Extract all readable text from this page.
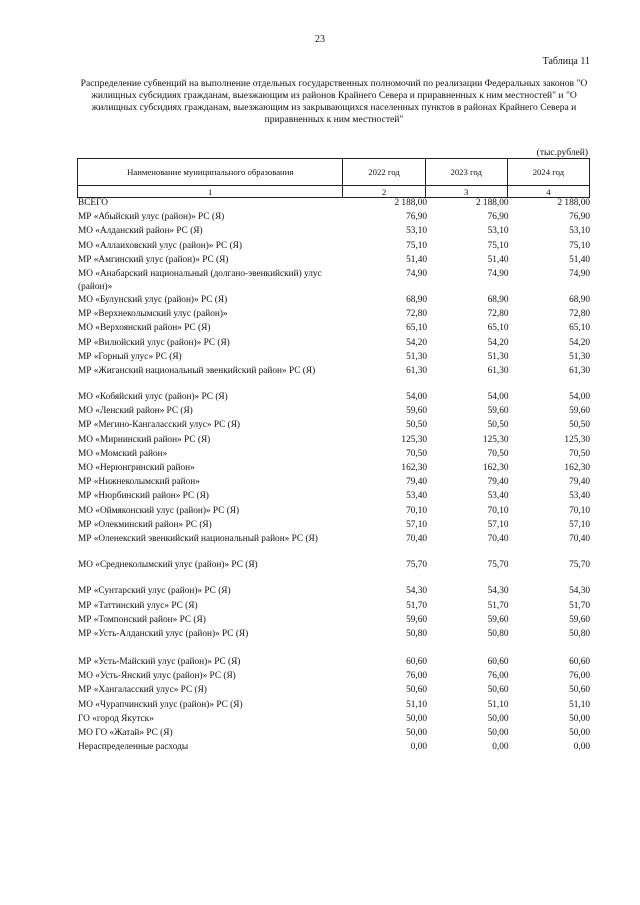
23
Таблица 11
Распределение субвенций на выполнение отдельных государственных полномочий по реализации Федеральных законов "О жилищных субсидиях гражданам, выезжающим из районов Крайнего Севера и приравненных к ним местностей" и "О жилищных субсидиях гражданам, выезжающим из закрывающихся населенных пунктов в районах Крайнего Севера и приравненных к ним местностей"
(тыс.рублей)
Наименование муниципального образования	2022 год	2023 год	2024 год
1	2	3	4
ВСЕГО	2 188,00	2 188,00	2 188,00
МР «Абыйский улус (район)» РС (Я)	76,90	76,90	76,90
МО «Алданский район» РС (Я)	53,10	53,10	53,10
МО «Аллаиховский улус (район)» РС (Я)	75,10	75,10	75,10
МР «Амгинский улус (район)» РС (Я)	51,40	51,40	51,40
МО «Анабарский национальный (долгано-эвенкийский) улус (район)»
74,90	74,90	74,90
МО «Булунский улус (район)» РС (Я)	68,90	68,90	68,90
МР «Верхнеколымский улус (район)»	72,80	72,80	72,80
МО «Верхоянский район» РС (Я)	65,10	65,10	65,10
МР «Вилюйский улус (район)» РС (Я)	54,20	54,20	54,20
МР «Горный улус» РС (Я)	51,30	51,30	51,30
МР «Жиганский национальный эвенкийский район» РС (Я)	61,30	61,30	61,30
МО «Кобяйский улус (район)» РС (Я)	54,00	54,00	54,00
МО «Ленский район» РС (Я)	59,60	59,60	59,60
МР «Мегино-Кангаласский улус» РС (Я)	50,50	50,50	50,50
МО «Мирнинский район» РС (Я)	125,30	125,30	125,30
МО «Момский район»	70,50	70,50	70,50
МО «Нерюнгринский район»	162,30	162,30	162,30
МР «Нижнеколымский район»	79,40	79,40	79,40
МР «Нюрбинский район» РС (Я)	53,40	53,40	53,40
МО «Оймяконский улус (район)» РС (Я)	70,10	70,10	70,10
МР «Олекминский район» РС (Я)	57,10	57,10	57,10
МР «Оленекский эвенкийский национальный район» РС (Я)	70,40	70,40	70,40
МО «Среднеколымский улус (район)» РС (Я)	75,70	75,70	75,70
МР «Сунтарский улус (район)» РС (Я)	54,30	54,30	54,30
МР «Таттинский улус» РС (Я)	51,70	51,70	51,70
МР «Томпонский район» РС (Я)	59,60	59,60	59,60
МР «Усть-Алданский улус (район)» РС (Я)	50,80	50,80	50,80
МР «Усть-Майский улус (район)» РС (Я)	60,60	60,60	60,60
МО «Усть-Янский улус (район)» РС (Я)	76,00	76,00	76,00
МР «Хангаласский улус» РС (Я)	50,60	50,60	50,60
МО «Чурапчинский улус (район)» РС (Я)	51,10	51,10	51,10
ГО «город Якутск»	50,00	50,00	50,00
МО ГО «Жатай» РС (Я)	50,00	50,00	50,00
Нераспределенные расходы	0,00	0,00	0,00
